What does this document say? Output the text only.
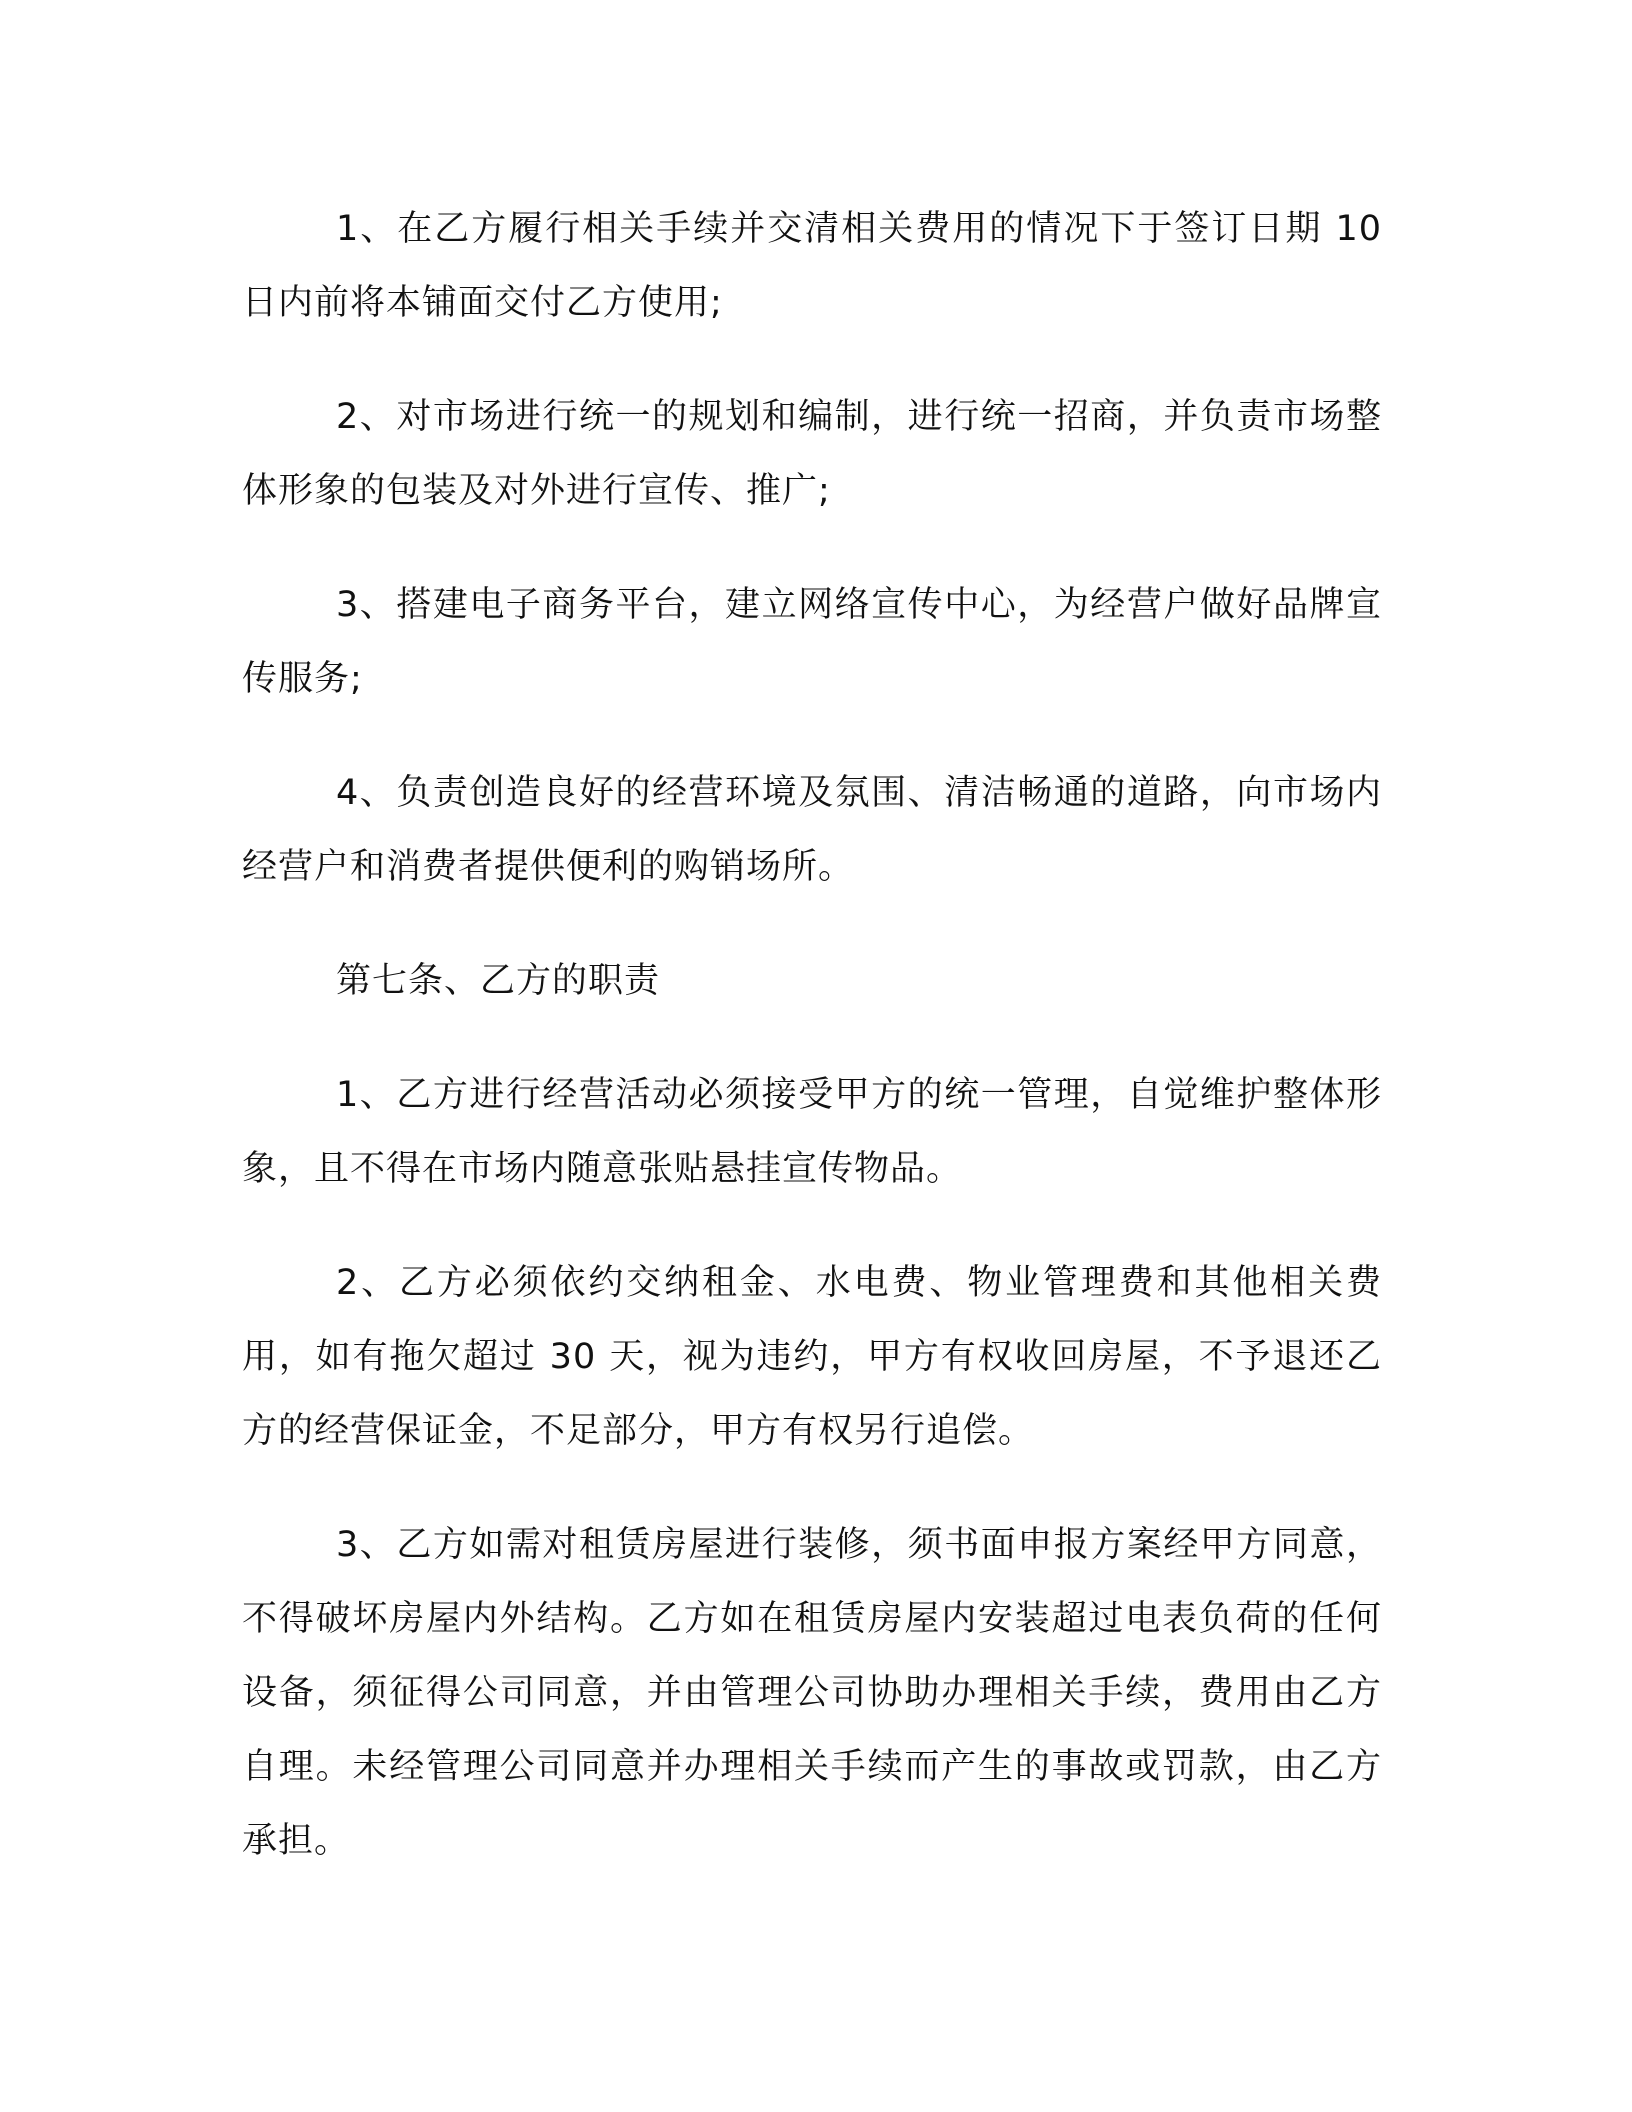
1、在乙方履行相关手续并交清相关费用的情况下于签订日期 10 日内前将本铺面交付乙方使用;

2、对市场进行统一的规划和编制，进行统一招商，并负责市场整体形象的包装及对外进行宣传、推广;

3、搭建电子商务平台，建立网络宣传中心，为经营户做好品牌宣传服务;

4、负责创造良好的经营环境及氛围、清洁畅通的道路，向市场内经营户和消费者提供便利的购销场所。

第七条、乙方的职责

1、乙方进行经营活动必须接受甲方的统一管理，自觉维护整体形象，且不得在市场内随意张贴悬挂宣传物品。

2、乙方必须依约交纳租金、水电费、物业管理费和其他相关费用，如有拖欠超过 30 天，视为违约，甲方有权收回房屋，不予退还乙方的经营保证金，不足部分，甲方有权另行追偿。

3、乙方如需对租赁房屋进行装修，须书面申报方案经甲方同意，不得破坏房屋内外结构。乙方如在租赁房屋内安装超过电表负荷的任何设备，须征得公司同意，并由管理公司协助办理相关手续，费用由乙方自理。未经管理公司同意并办理相关手续而产生的事故或罚款，由乙方承担。
